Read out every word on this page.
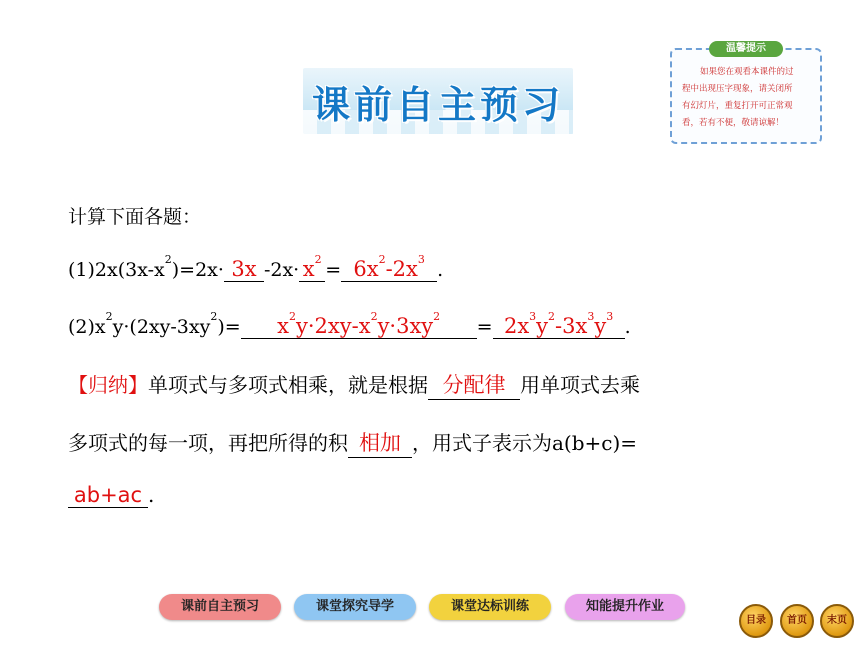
课前自主预习
温馨提示
如果您在观看本课件的过
程中出现压字现象，请关闭所
有幻灯片，重复打开可正常观
看，若有不便，敬请谅解！
计算下面各题：
$(1)2x(3x-x^2)=2x\cdot 3x$ $-2x\cdot x^2 = 6x^2-2x^3$ .
$(2)x^2y\cdot(2xy-3xy^2)= x^2y\cdot 2xy-x^2y\cdot 3xy^2 = 2x^3y^2-3x^3y^3$ .
【归纳】单项式与多项式相乘，就是根据 分配律 用单项式去乘
多项式的每一项，再把所得的积 相加 ，用式子表示为a(b+c)=
ab+ac .
课前自主预习	课堂探究导学	课堂达标训练	知能提升作业
目录	首页	末页
